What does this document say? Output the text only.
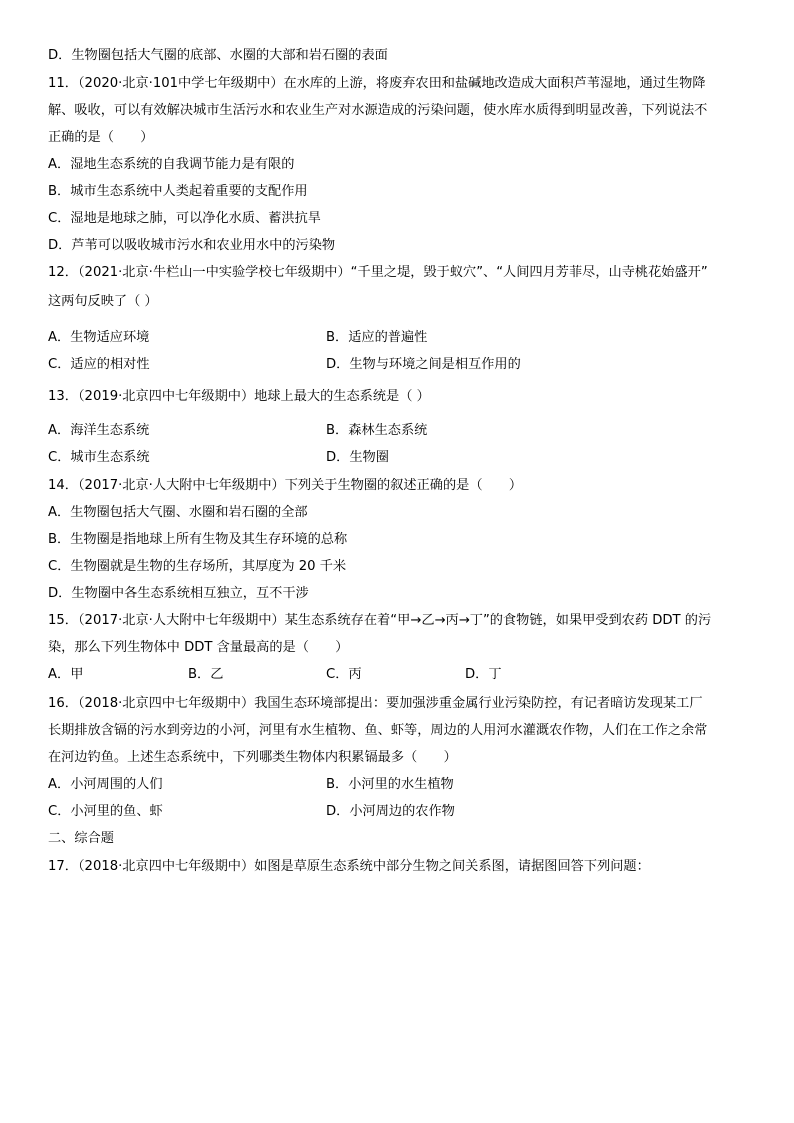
D．生物圈包括大气圈的底部、水圈的大部和岩石圈的表面
11．（2020·北京·101中学七年级期中）在水库的上游，将废弃农田和盐碱地改造成大面积芦苇湿地，通过生物降
解、吸收，可以有效解决城市生活污水和农业生产对水源造成的污染问题，使水库水质得到明显改善，下列说法不
正确的是（　　）
A．湿地生态系统的自我调节能力是有限的
B．城市生态系统中人类起着重要的支配作用
C．湿地是地球之肺，可以净化水质、蓄洪抗旱
D．芦苇可以吸收城市污水和农业用水中的污染物
12．（2021·北京·牛栏山一中实验学校七年级期中）“千里之堤，毁于蚁穴”、“人间四月芳菲尽，山寺桃花始盛开”
这两句反映了（ ）
A．生物适应环境	B．适应的普遍性
C．适应的相对性	D．生物与环境之间是相互作用的
13．（2019·北京四中七年级期中）地球上最大的生态系统是（ ）
A．海洋生态系统	B．森林生态系统
C．城市生态系统	D．生物圈
14．（2017·北京·人大附中七年级期中）下列关于生物圈的叙述正确的是（　　）
A．生物圈包括大气圈、水圈和岩石圈的全部
B．生物圈是指地球上所有生物及其生存环境的总称
C．生物圈就是生物的生存场所，其厚度为 20 千米
D．生物圈中各生态系统相互独立，互不干涉
15．（2017·北京·人大附中七年级期中）某生态系统存在着“甲→乙→丙→丁”的食物链，如果甲受到农药 DDT 的污
染，那么下列生物体中 DDT 含量最高的是（　　）
A．甲	B．乙	C．丙	D．丁
16．（2018·北京四中七年级期中）我国生态环境部提出：要加强涉重金属行业污染防控，有记者暗访发现某工厂
长期排放含镉的污水到旁边的小河，河里有水生植物、鱼、虾等，周边的人用河水灌溉农作物，人们在工作之余常
在河边钓鱼。上述生态系统中，下列哪类生物体内积累镉最多（　　）
A．小河周围的人们	B．小河里的水生植物
C．小河里的鱼、虾	D．小河周边的农作物
二、综合题
17．（2018·北京四中七年级期中）如图是草原生态系统中部分生物之间关系图，请据图回答下列问题：
